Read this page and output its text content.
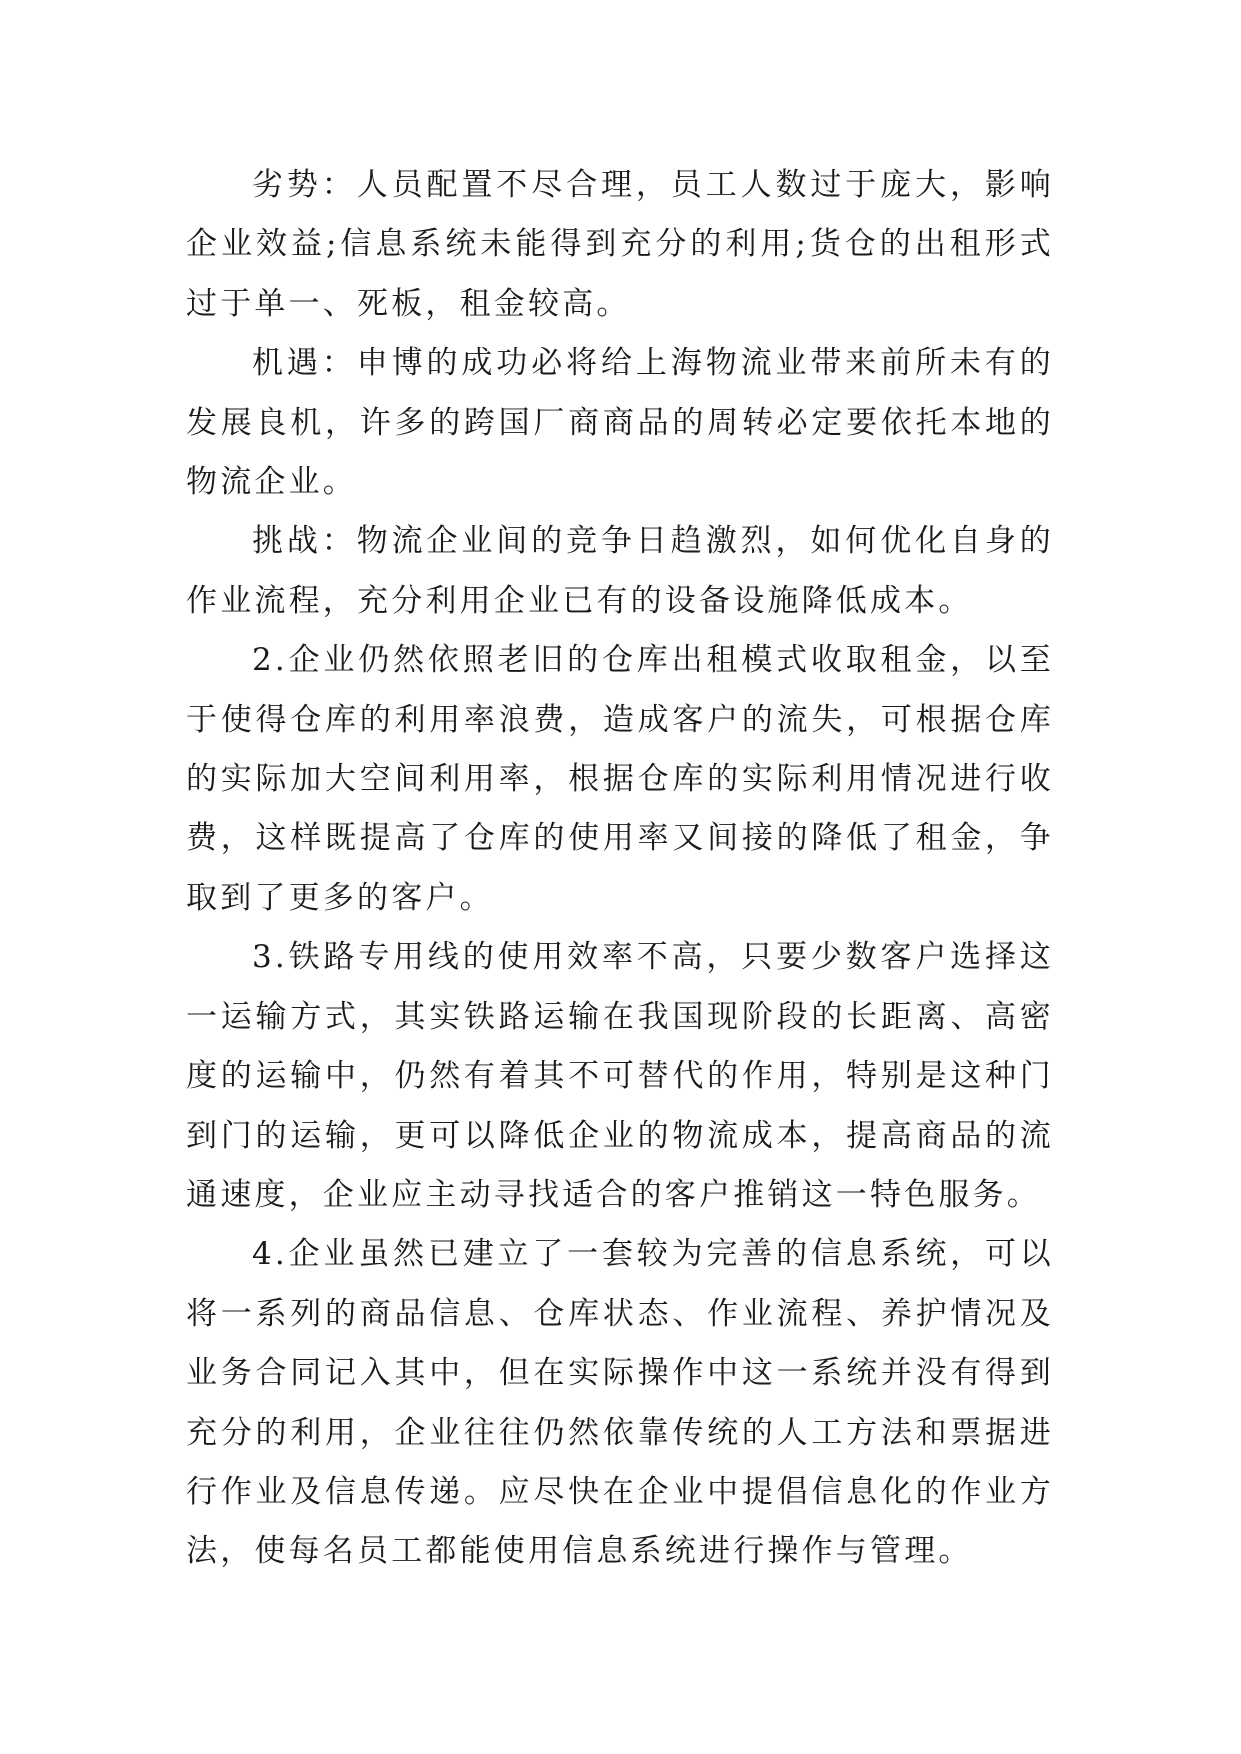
劣势：人员配置不尽合理，员工人数过于庞大，影响企业效益;信息系统未能得到充分的利用;货仓的出租形式过于单一、死板，租金较高。

机遇：申博的成功必将给上海物流业带来前所未有的发展良机，许多的跨国厂商商品的周转必定要依托本地的物流企业。

挑战：物流企业间的竞争日趋激烈，如何优化自身的作业流程，充分利用企业已有的设备设施降低成本。

2.企业仍然依照老旧的仓库出租模式收取租金，以至于使得仓库的利用率浪费，造成客户的流失，可根据仓库的实际加大空间利用率，根据仓库的实际利用情况进行收费，这样既提高了仓库的使用率又间接的降低了租金，争取到了更多的客户。

3.铁路专用线的使用效率不高，只要少数客户选择这一运输方式，其实铁路运输在我国现阶段的长距离、高密度的运输中，仍然有着其不可替代的作用，特别是这种门到门的运输，更可以降低企业的物流成本，提高商品的流通速度，企业应主动寻找适合的客户推销这一特色服务。

4.企业虽然已建立了一套较为完善的信息系统，可以将一系列的商品信息、仓库状态、作业流程、养护情况及业务合同记入其中，但在实际操作中这一系统并没有得到充分的利用，企业往往仍然依靠传统的人工方法和票据进行作业及信息传递。应尽快在企业中提倡信息化的作业方法，使每名员工都能使用信息系统进行操作与管理。
